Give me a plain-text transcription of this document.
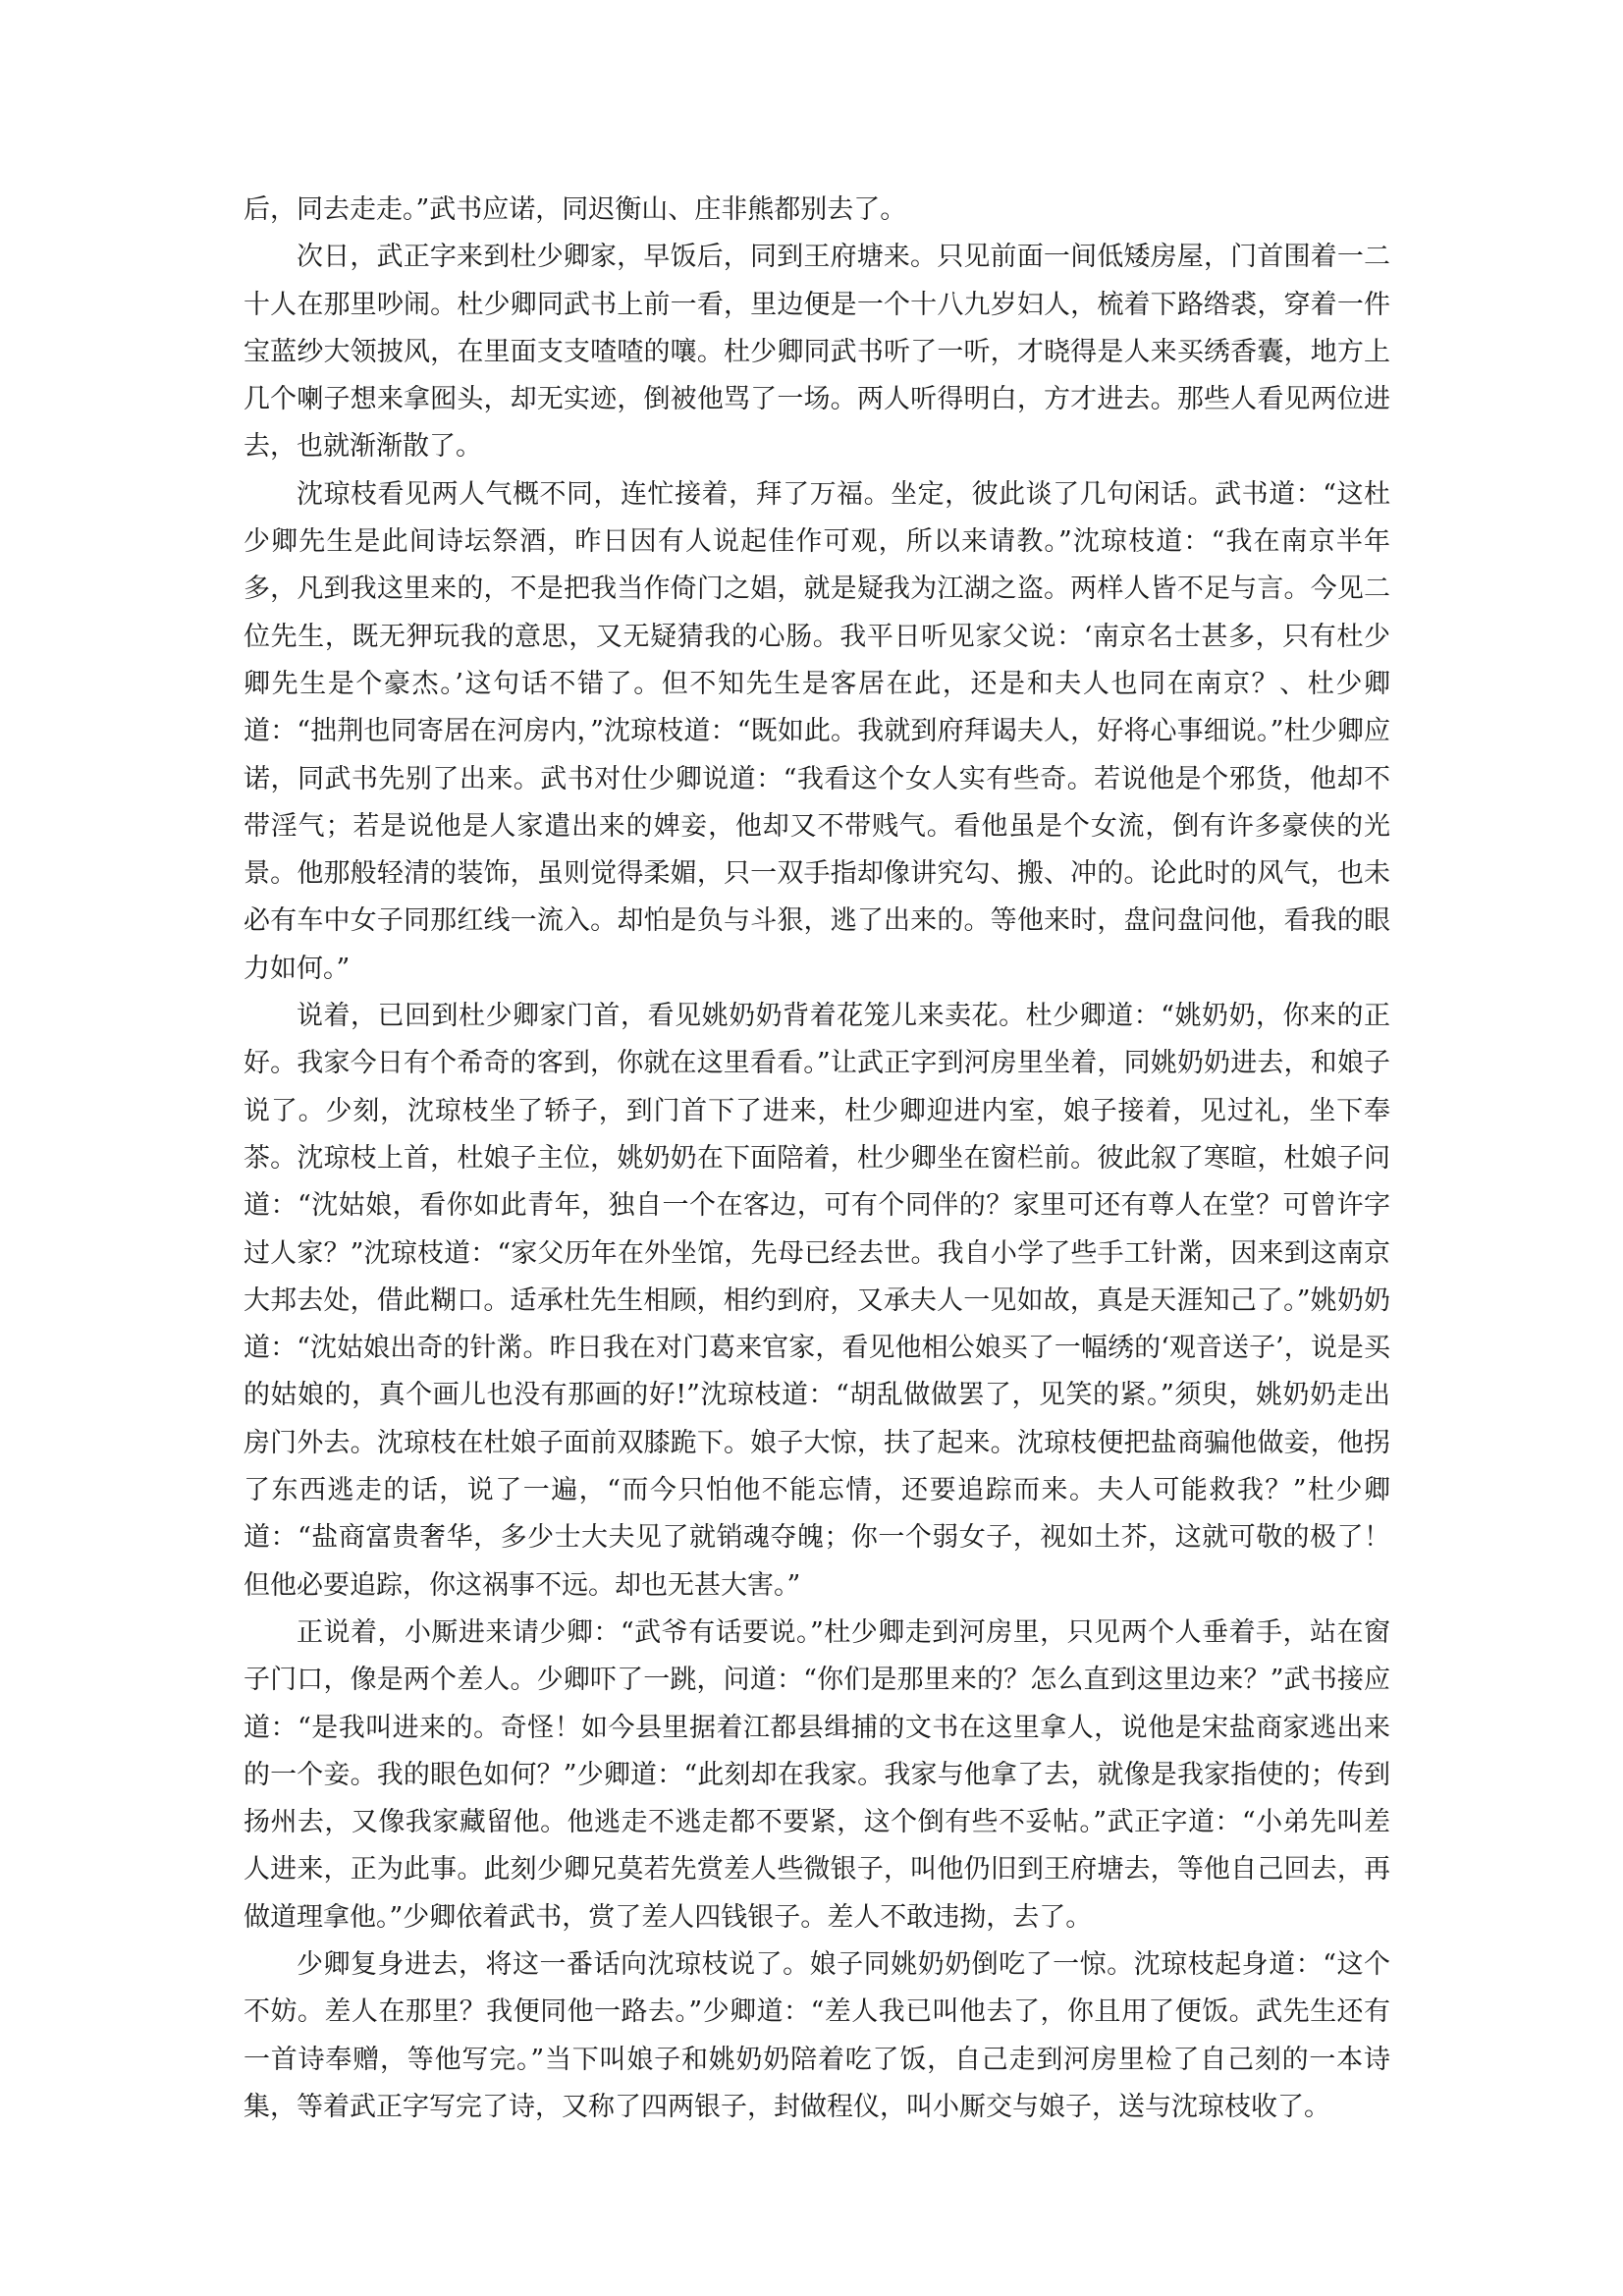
后，同去走走。”武书应诺，同迟衡山、庄非熊都别去了。

次日，武正字来到杜少卿家，早饭后，同到王府塘来。只见前面一间低矮房屋，门首围着一二十人在那里吵闹。杜少卿同武书上前一看，里边便是一个十八九岁妇人，梳着下路绺裘，穿着一件宝蓝纱大领披风，在里面支支喳喳的嚷。杜少卿同武书听了一听，才晓得是人来买绣香囊，地方上几个喇子想来拿囮头，却无实迹，倒被他骂了一场。两人听得明白，方才进去。那些人看见两位进去，也就渐渐散了。

沈琼枝看见两人气概不同，连忙接着，拜了万福。坐定，彼此谈了几句闲话。武书道：“这杜少卿先生是此间诗坛祭酒，昨日因有人说起佳作可观，所以来请教。”沈琼枝道：“我在南京半年多，凡到我这里来的，不是把我当作倚门之娼，就是疑我为江湖之盗。两样人皆不足与言。今见二位先生，既无狎玩我的意思，又无疑猜我的心肠。我平日听见家父说：‘南京名士甚多，只有杜少卿先生是个豪杰。’这句话不错了。但不知先生是客居在此，还是和夫人也同在南京？、杜少卿道：“拙荆也同寄居在河房内，”沈琼枝道：“既如此。我就到府拜谒夫人，好将心事细说。”杜少卿应诺，同武书先别了出来。武书对仕少卿说道：“我看这个女人实有些奇。若说他是个邪货，他却不带淫气；若是说他是人家遣出来的婢妾，他却又不带贱气。看他虽是个女流，倒有许多豪侠的光景。他那般轻清的装饰，虽则觉得柔媚，只一双手指却像讲究勾、搬、冲的。论此时的风气，也未必有车中女子同那红线一流入。却怕是负与斗狠，逃了出来的。等他来时，盘问盘问他，看我的眼力如何。”

说着，已回到杜少卿家门首，看见姚奶奶背着花笼儿来卖花。杜少卿道：“姚奶奶，你来的正好。我家今日有个希奇的客到，你就在这里看看。”让武正字到河房里坐着，同姚奶奶进去，和娘子说了。少刻，沈琼枝坐了轿子，到门首下了进来，杜少卿迎进内室，娘子接着，见过礼，坐下奉茶。沈琼枝上首，杜娘子主位，姚奶奶在下面陪着，杜少卿坐在窗栏前。彼此叙了寒暄，杜娘子问道：“沈姑娘，看你如此青年，独自一个在客边，可有个同伴的？家里可还有尊人在堂？可曾许字过人家？”沈琼枝道：“家父历年在外坐馆，先母已经去世。我自小学了些手工针黹，因来到这南京大邦去处，借此糊口。适承杜先生相顾，相约到府，又承夫人一见如故，真是天涯知己了。”姚奶奶道：“沈姑娘出奇的针黹。昨日我在对门葛来官家，看见他相公娘买了一幅绣的‘观音送子’，说是买的姑娘的，真个画儿也没有那画的好!”沈琼枝道：“胡乱做做罢了，见笑的紧。”须臾，姚奶奶走出房门外去。沈琼枝在杜娘子面前双膝跪下。娘子大惊，扶了起来。沈琼枝便把盐商骗他做妾，他拐了东西逃走的话，说了一遍，“而今只怕他不能忘情，还要追踪而来。夫人可能救我？”杜少卿道：“盐商富贵奢华，多少士大夫见了就销魂夺魄；你一个弱女子，视如土芥，这就可敬的极了！但他必要追踪，你这祸事不远。却也无甚大害。”

正说着，小厮进来请少卿：“武爷有话要说。”杜少卿走到河房里，只见两个人垂着手，站在窗子门口，像是两个差人。少卿吓了一跳，问道：“你们是那里来的？怎么直到这里边来？”武书接应道：“是我叫进来的。奇怪！如今县里据着江都县缉捕的文书在这里拿人，说他是宋盐商家逃出来的一个妾。我的眼色如何？”少卿道：“此刻却在我家。我家与他拿了去，就像是我家指使的；传到扬州去，又像我家藏留他。他逃走不逃走都不要紧，这个倒有些不妥帖。”武正字道：“小弟先叫差人进来，正为此事。此刻少卿兄莫若先赏差人些微银子，叫他仍旧到王府塘去，等他自己回去，再做道理拿他。”少卿依着武书，赏了差人四钱银子。差人不敢违拗，去了。

少卿复身进去，将这一番话向沈琼枝说了。娘子同姚奶奶倒吃了一惊。沈琼枝起身道：“这个不妨。差人在那里？我便同他一路去。”少卿道：“差人我已叫他去了，你且用了便饭。武先生还有一首诗奉赠，等他写完。”当下叫娘子和姚奶奶陪着吃了饭，自己走到河房里检了自己刻的一本诗集，等着武正字写完了诗，又称了四两银子，封做程仪，叫小厮交与娘子，送与沈琼枝收了。
